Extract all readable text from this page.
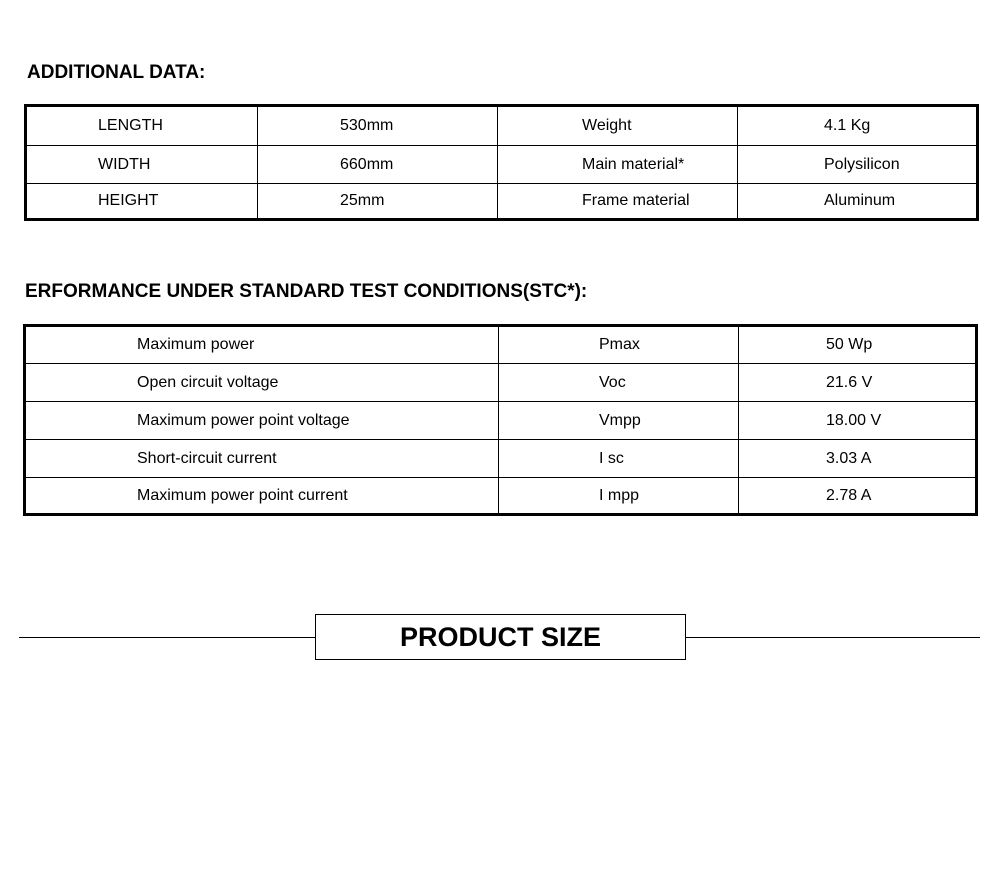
ADDITIONAL DATA:
LENGTH	530mm	Weight	4.1 Kg
WIDTH	660mm	Main material*	Polysilicon
HEIGHT	25mm	Frame material	Aluminum
ERFORMANCE UNDER STANDARD TEST CONDITIONS(STC*):
Maximum power	Pmax	50 Wp
Open circuit voltage	Voc	21.6 V
Maximum power point voltage	Vmpp	18.00 V
Short-circuit current	I sc	3.03 A
Maximum power point current	I mpp	2.78 A
PRODUCT SIZE
